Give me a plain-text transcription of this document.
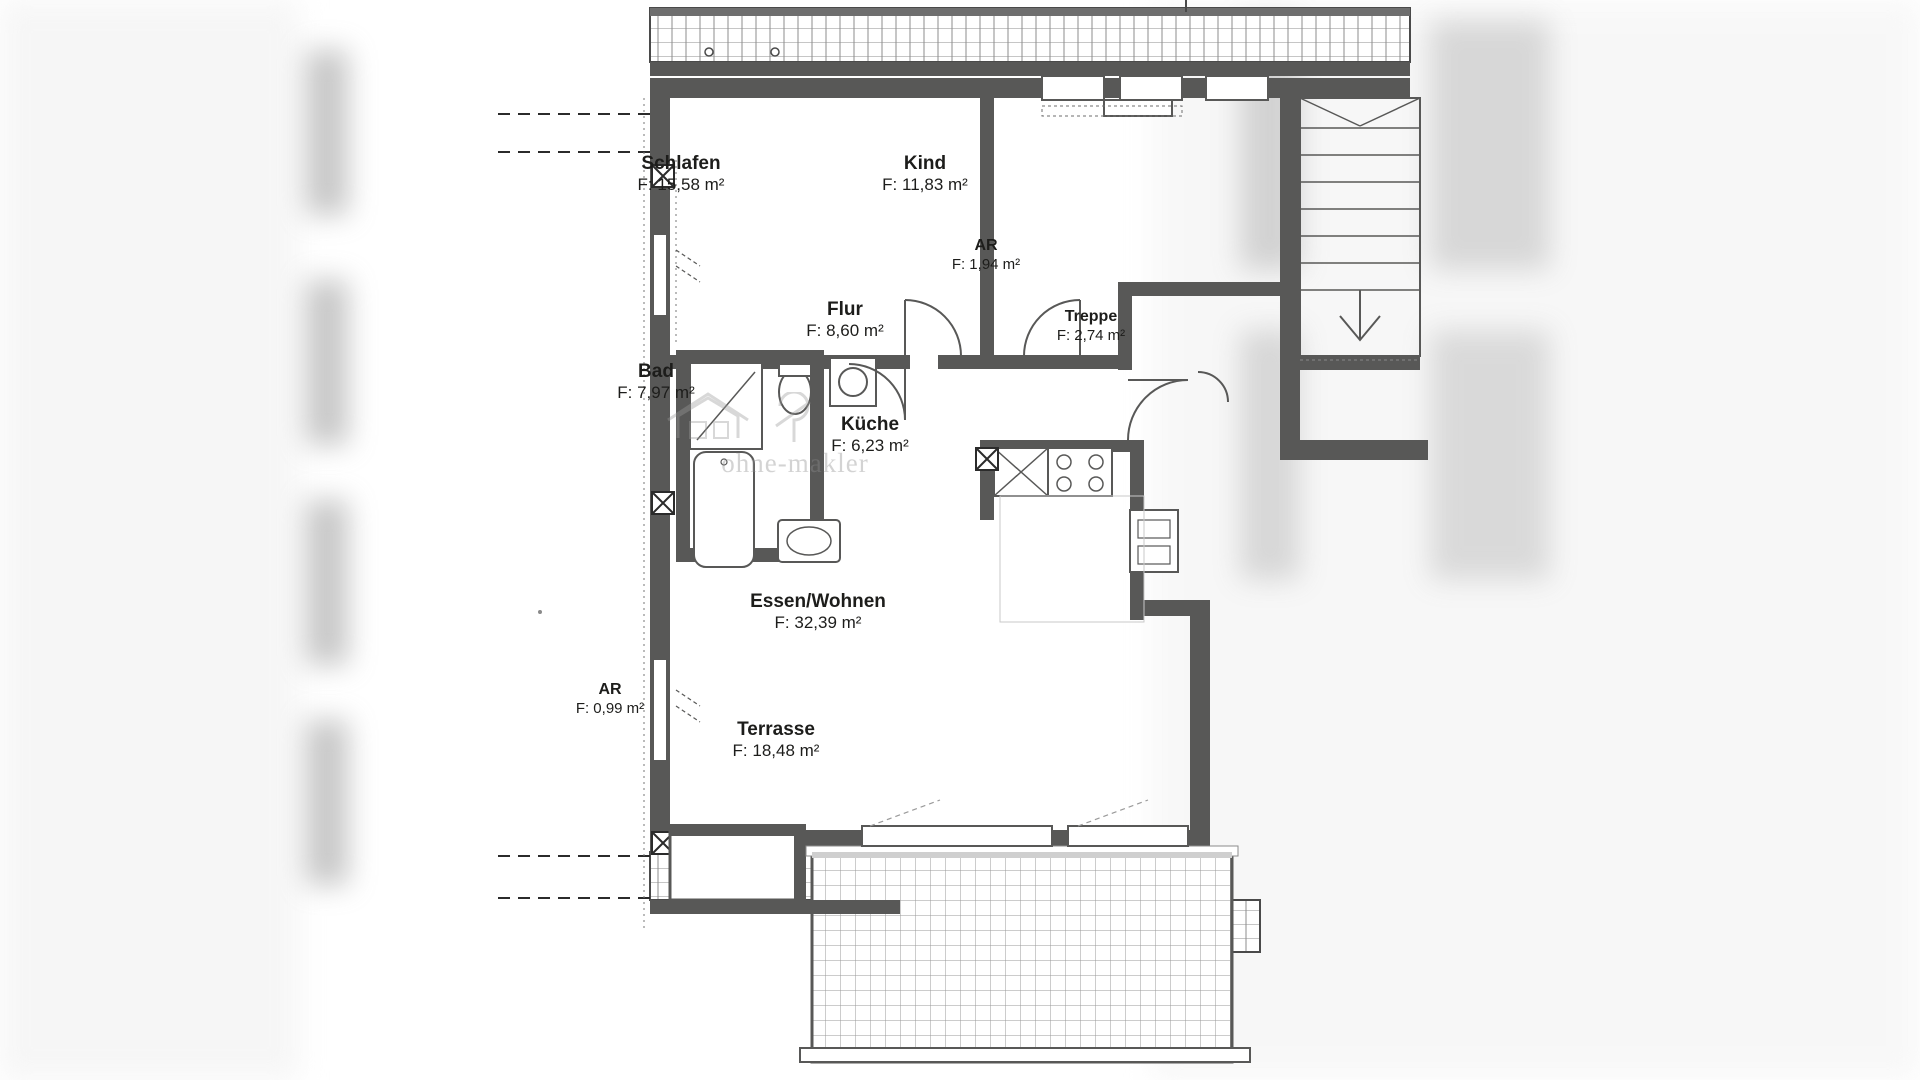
ohne-makler
Schlafen
F: 15,58 m²
Kind
F: 11,83 m²
AR
F: 1,94 m²
Treppe
F: 2,74 m²
Flur
F: 8,60 m²
Bad
F: 7,97 m²
Küche
F: 6,23 m²
Essen/Wohnen
F: 32,39 m²
AR
F: 0,99 m²
Terrasse
F: 18,48 m²
